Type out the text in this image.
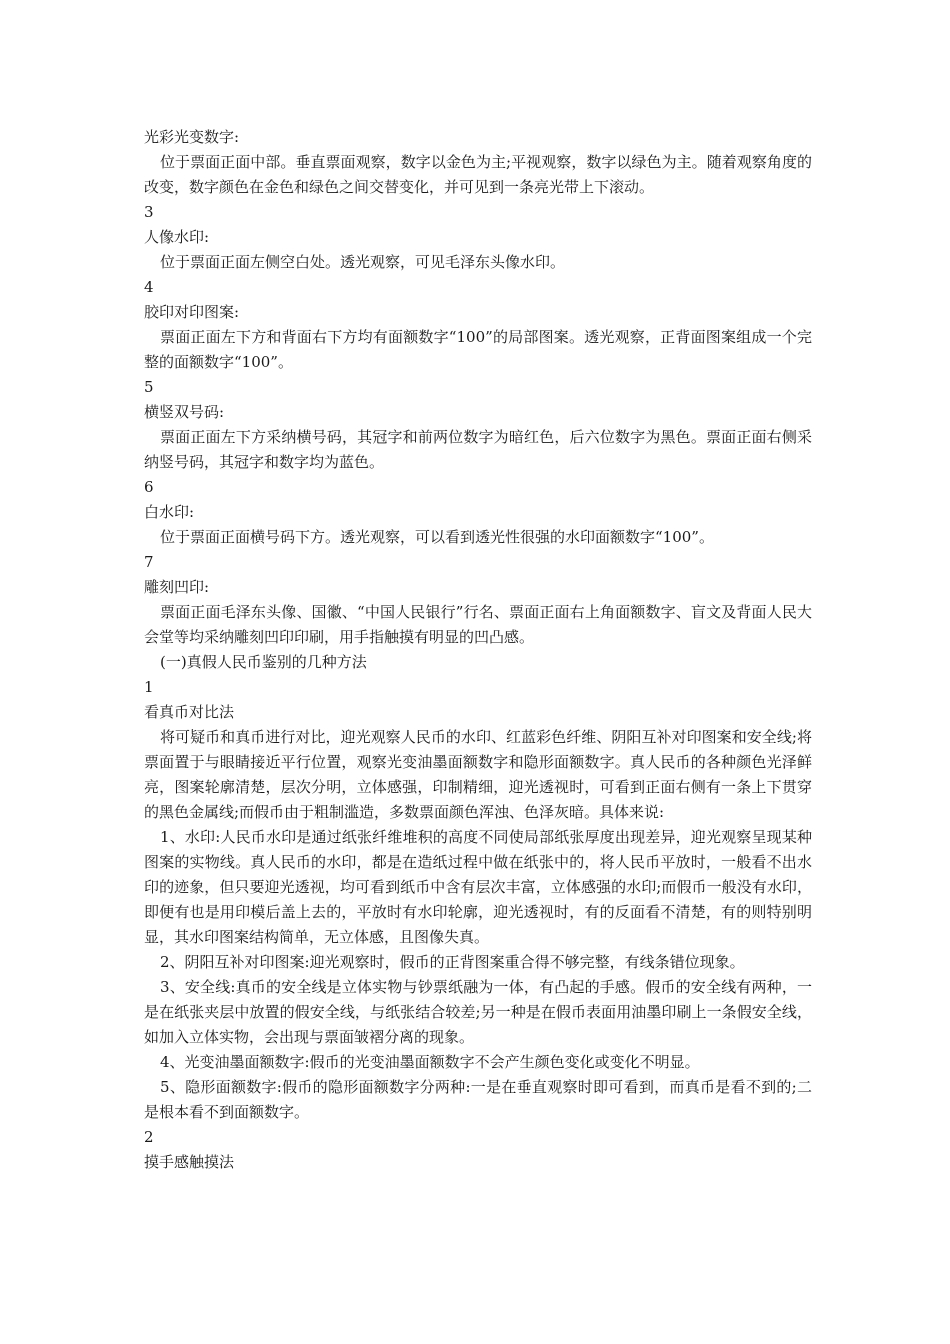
光彩光变数字:

位于票面正面中部。垂直票面观察，数字以金色为主;平视观察，数字以绿色为主。随着观察角度的改变，数字颜色在金色和绿色之间交替变化，并可见到一条亮光带上下滚动。

3

人像水印:

位于票面正面左侧空白处。透光观察，可见毛泽东头像水印。

4

胶印对印图案:

票面正面左下方和背面右下方均有面额数字“100”的局部图案。透光观察，正背面图案组成一个完整的面额数字“100”。

5

横竖双号码:

票面正面左下方采纳横号码，其冠字和前两位数字为暗红色，后六位数字为黑色。票面正面右侧采纳竖号码，其冠字和数字均为蓝色。

6

白水印:

位于票面正面横号码下方。透光观察，可以看到透光性很强的水印面额数字“100”。

7

雕刻凹印:

票面正面毛泽东头像、国徽、“中国人民银行”行名、票面正面右上角面额数字、盲文及背面人民大会堂等均采纳雕刻凹印印刷，用手指触摸有明显的凹凸感。

(一)真假人民币鉴别的几种方法

1

看真币对比法

将可疑币和真币进行对比，迎光观察人民币的水印、红蓝彩色纤维、阴阳互补对印图案和安全线;将票面置于与眼睛接近平行位置，观察光变油墨面额数字和隐形面额数字。真人民币的各种颜色光泽鲜亮，图案轮廓清楚，层次分明，立体感强，印制精细，迎光透视时，可看到正面右侧有一条上下贯穿的黑色金属线;而假币由于粗制滥造，多数票面颜色浑浊、色泽灰暗。具体来说:

1、水印:人民币水印是通过纸张纤维堆积的高度不同使局部纸张厚度出现差异，迎光观察呈现某种图案的实物线。真人民币的水印，都是在造纸过程中做在纸张中的，将人民币平放时，一般看不出水印的迹象，但只要迎光透视，均可看到纸币中含有层次丰富，立体感强的水印;而假币一般没有水印，即便有也是用印模后盖上去的，平放时有水印轮廓，迎光透视时，有的反面看不清楚，有的则特别明显，其水印图案结构简单，无立体感，且图像失真。

2、阴阳互补对印图案:迎光观察时，假币的正背图案重合得不够完整，有线条错位现象。

3、安全线:真币的安全线是立体实物与钞票纸融为一体，有凸起的手感。假币的安全线有两种，一是在纸张夹层中放置的假安全线，与纸张结合较差;另一种是在假币表面用油墨印刷上一条假安全线，如加入立体实物，会出现与票面皱褶分离的现象。

4、光变油墨面额数字:假币的光变油墨面额数字不会产生颜色变化或变化不明显。

5、隐形面额数字:假币的隐形面额数字分两种:一是在垂直观察时即可看到，而真币是看不到的;二是根本看不到面额数字。

2

摸手感触摸法
